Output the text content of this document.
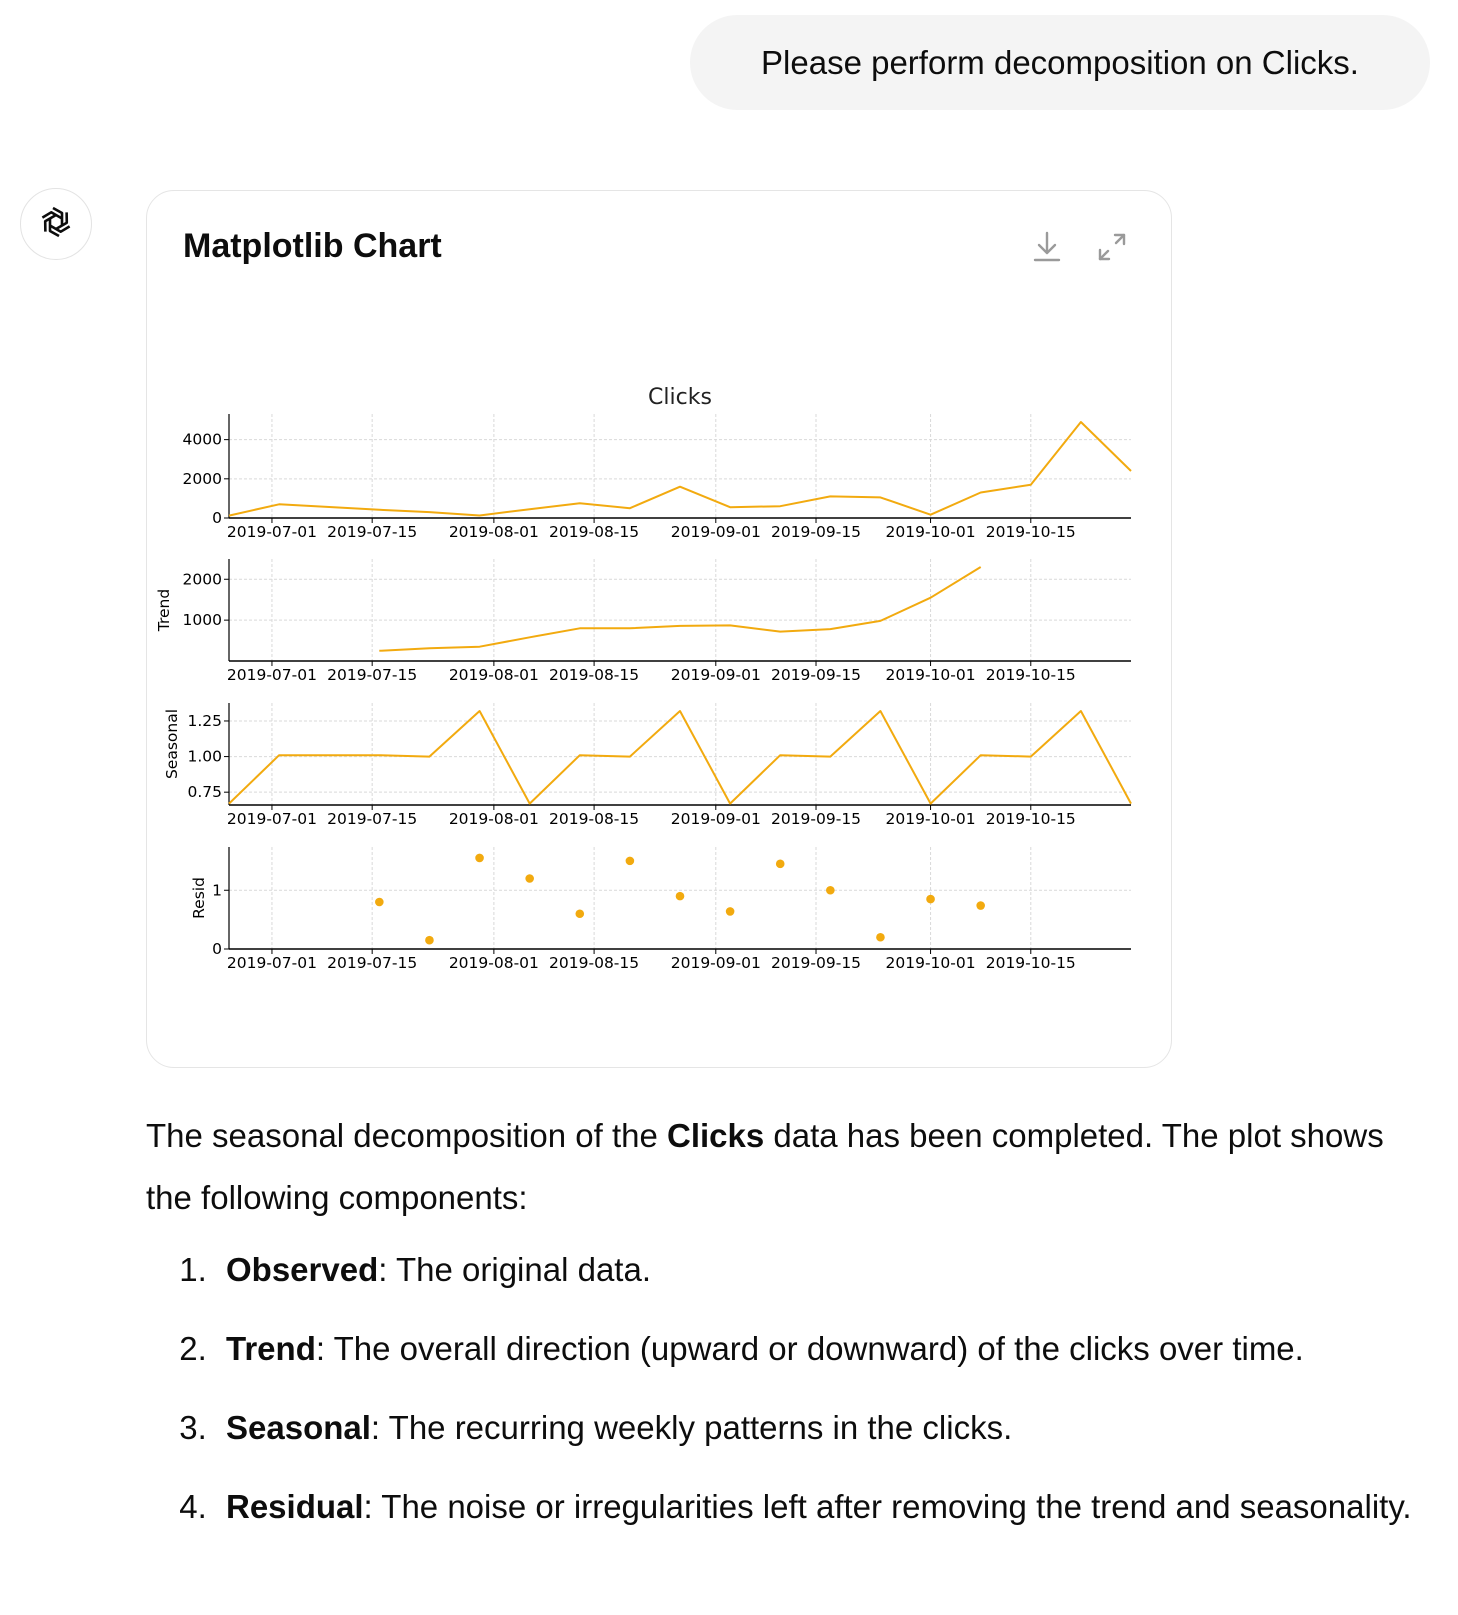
Please perform decomposition on Clicks.
Matplotlib Chart
0
2000
4000
2019-07-01 2019-07-15 2019-08-01 2019-08-15 2019-09-01 2019-09-15 2019-10-01 2019-10-15
Clicks
1000
2000
2019-07-01 2019-07-15 2019-08-01 2019-08-15 2019-09-01 2019-09-15 2019-10-01 2019-10-15
Trend
0.75
1.00
1.25
2019-07-01 2019-07-15 2019-08-01 2019-08-15 2019-09-01 2019-09-15 2019-10-01 2019-10-15
Seasonal
0
1
2019-07-01 2019-07-15 2019-08-01 2019-08-15 2019-09-01 2019-09-15 2019-10-01 2019-10-15
Resid

The seasonal decomposition of the Clicks data has been completed. The plot shows the following components:

1. Observed: The original data.
2. Trend: The overall direction (upward or downward) of the clicks over time.
3. Seasonal: The recurring weekly patterns in the clicks.
4. Residual: The noise or irregularities left after removing the trend and seasonality.
